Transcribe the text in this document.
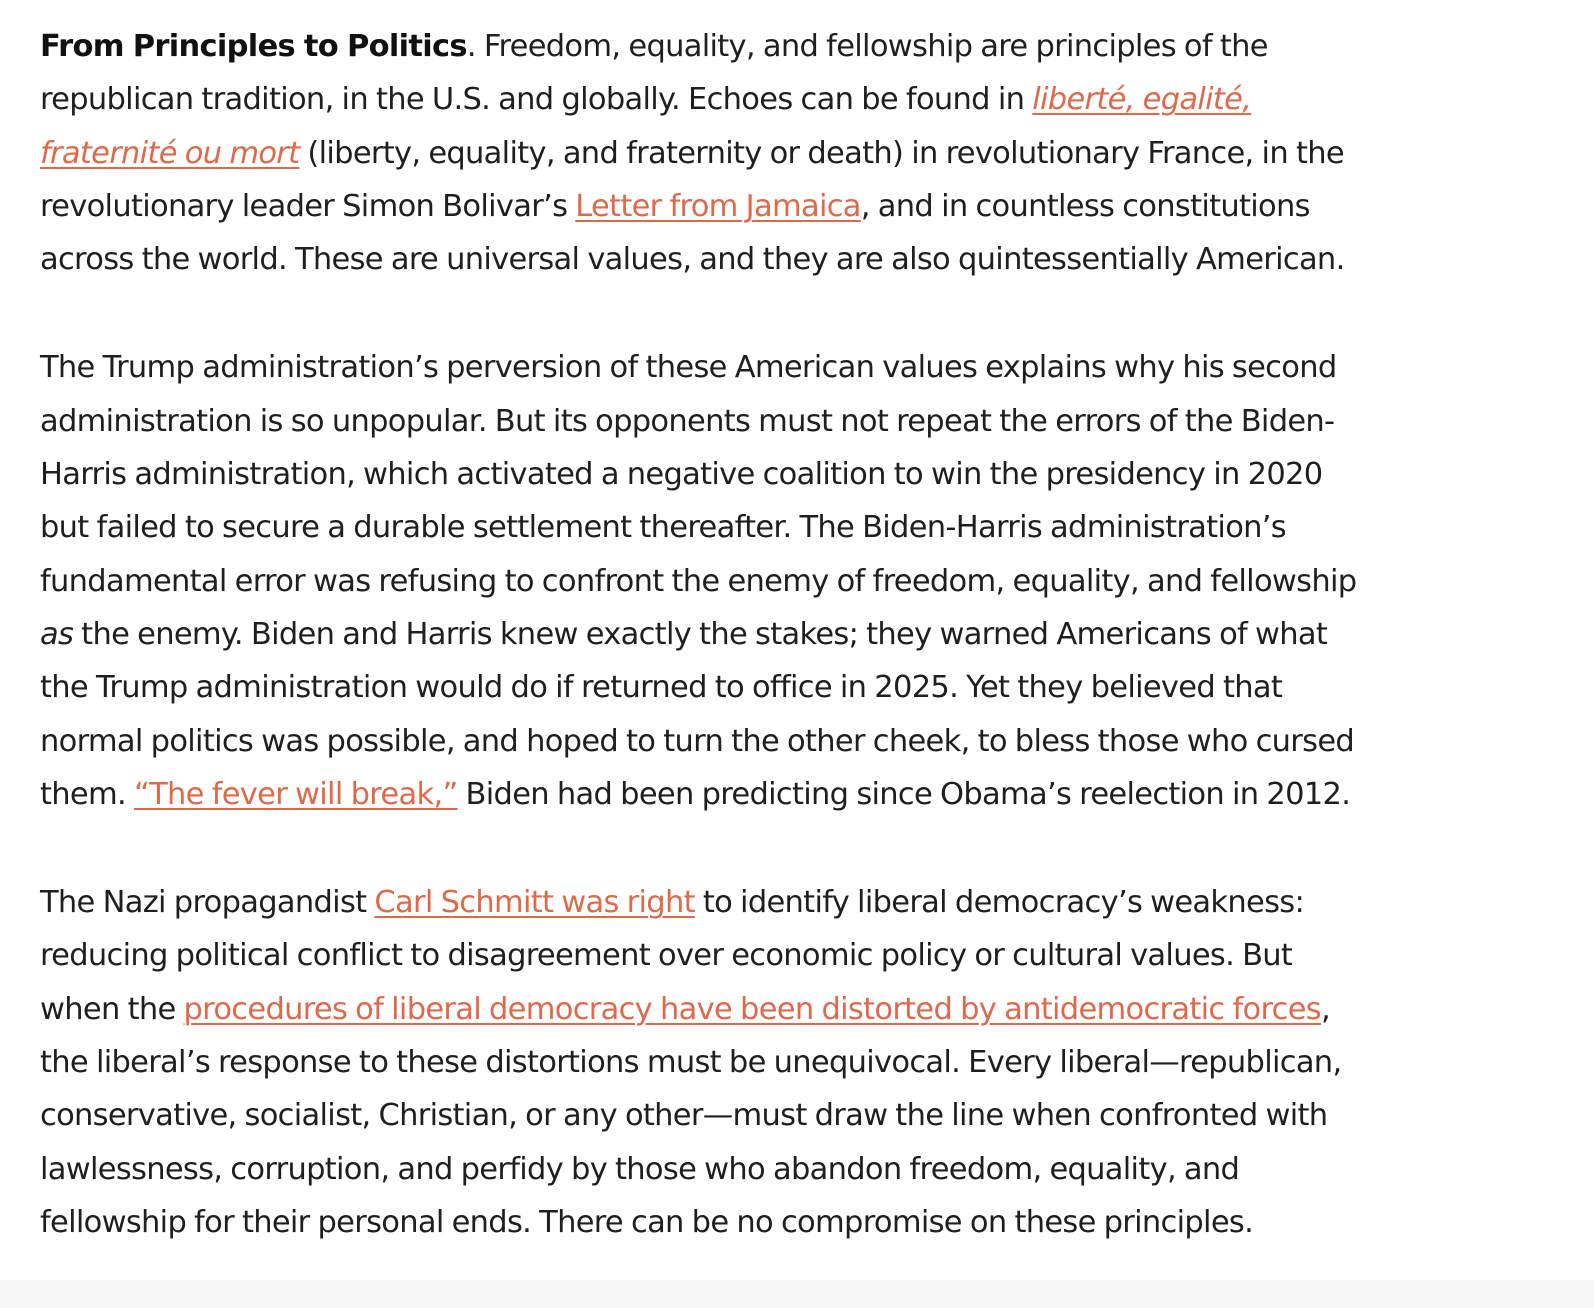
From Principles to Politics. Freedom, equality, and fellowship are principles of the
republican tradition, in the U.S. and globally. Echoes can be found in liberté, egalité,
fraternité ou mort (liberty, equality, and fraternity or death) in revolutionary France, in the
revolutionary leader Simon Bolivar’s Letter from Jamaica, and in countless constitutions
across the world. These are universal values, and they are also quintessentially American.

The Trump administration’s perversion of these American values explains why his second
administration is so unpopular. But its opponents must not repeat the errors of the Biden-
Harris administration, which activated a negative coalition to win the presidency in 2020
but failed to secure a durable settlement thereafter. The Biden-Harris administration’s
fundamental error was refusing to confront the enemy of freedom, equality, and fellowship
as the enemy. Biden and Harris knew exactly the stakes; they warned Americans of what
the Trump administration would do if returned to office in 2025. Yet they believed that
normal politics was possible, and hoped to turn the other cheek, to bless those who cursed
them. “The fever will break,” Biden had been predicting since Obama’s reelection in 2012.

The Nazi propagandist Carl Schmitt was right to identify liberal democracy’s weakness:
reducing political conflict to disagreement over economic policy or cultural values. But
when the procedures of liberal democracy have been distorted by antidemocratic forces,
the liberal’s response to these distortions must be unequivocal. Every liberal—republican,
conservative, socialist, Christian, or any other—must draw the line when confronted with
lawlessness, corruption, and perfidy by those who abandon freedom, equality, and
fellowship for their personal ends. There can be no compromise on these principles.
